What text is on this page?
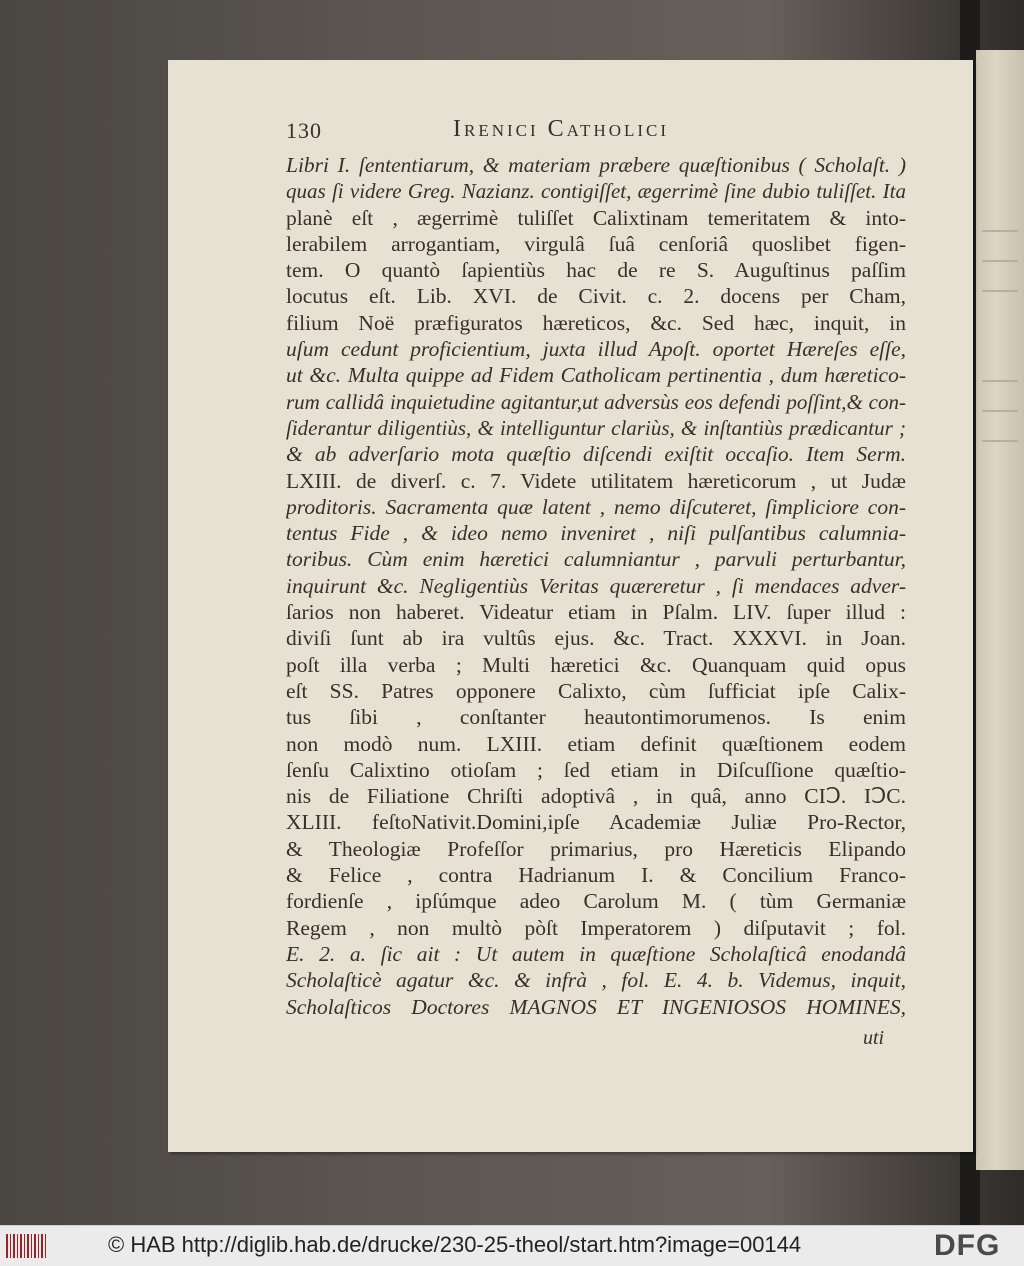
130	Irenici Catholici
Libri I. ſententiarum, & materiam præbere quæſtionibus ( Scholaſt. )
quas ſi videre Greg. Nazianz. contigiſſet, ægerrimè ſine dubio tuliſſet. Ita
planè eſt , ægerrimè tuliſſet Calixtinam temeritatem & into-
lerabilem arrogantiam, virgulâ ſuâ cenſoriâ quoslibet figen-
tem. O quantò ſapientiùs hac de re S. Auguſtinus paſſim
locutus eſt. Lib. XVI. de Civit. c. 2. docens per Cham,
filium Noë præfiguratos hæreticos, &c. Sed hæc, inquit, in
uſum cedunt proficientium, juxta illud Apoſt. oportet Hæreſes eſſe,
ut &c. Multa quippe ad Fidem Catholicam pertinentia , dum hæretico-
rum callidâ inquietudine agitantur,ut adversùs eos defendi poſſint,& con-
ſiderantur diligentiùs, & intelliguntur clariùs, & inſtantiùs prædicantur ;
& ab adverſario mota quæſtio diſcendi exiſtit occaſio. Item Serm.
LXIII. de diverſ. c. 7. Videte utilitatem hæreticorum , ut Judæ
proditoris. Sacramenta quæ latent , nemo diſcuteret, ſimpliciore con-
tentus Fide , & ideo nemo inveniret , niſi pulſantibus calumnia-
toribus. Cùm enim hæretici calumniantur , parvuli perturbantur,
inquirunt &c. Negligentiùs Veritas quæreretur , ſi mendaces adver-
ſarios non haberet. Videatur etiam in Pſalm. LIV. ſuper illud :
diviſi ſunt ab ira vultûs ejus. &c. Tract. XXXVI. in Joan.
poſt illa verba ; Multi hæretici &c. Quanquam quid opus
eſt SS. Patres opponere Calixto, cùm ſufficiat ipſe Calix-
tus ſibi , conſtanter heautontimorumenos. Is enim
non modò num. LXIII. etiam definit quæſtionem eodem
ſenſu Calixtino otioſam ; ſed etiam in Diſcuſſione quæſtio-
nis de Filiatione Chriſti adoptivâ , in quâ, anno CIↃ. IↃC.
XLIII. feſtoNativit.Domini,ipſe Academiæ Juliæ Pro-Rector,
& Theologiæ Profeſſor primarius, pro Hæreticis Elipando
& Felice , contra Hadrianum I. & Concilium Franco-
fordienſe , ipſúmque adeo Carolum M. ( tùm Germaniæ
Regem , non multò pòſt Imperatorem ) diſputavit ; fol.
E. 2. a. ſic ait : Ut autem in quæſtione Scholaſticâ enodandâ
Scholaſticè agatur &c. & infrà , fol. E. 4. b. Videmus, inquit,
Scholaſticos Doctores MAGNOS ET INGENIOSOS HOMINES,
uti
© HAB http://diglib.hab.de/drucke/230-25-theol/start.htm?image=00144	DFG
